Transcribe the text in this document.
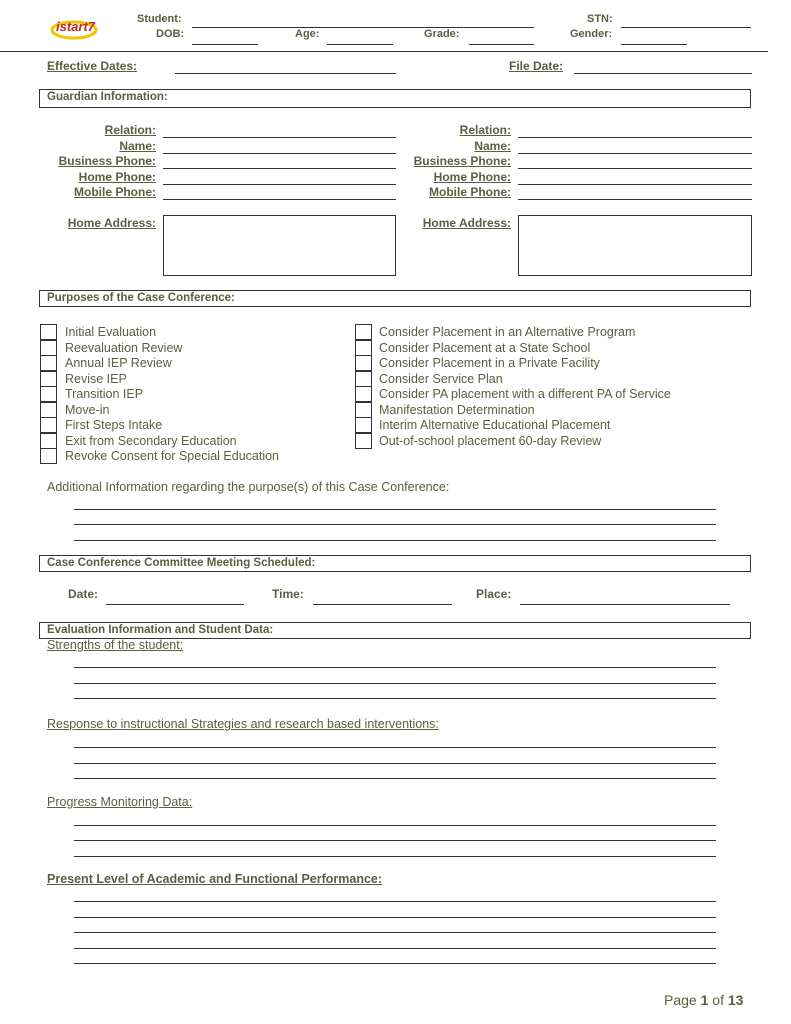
istart7	Student:	STN:
DOB:	Age:	Grade:	Gender:
Effective Dates:	File Date:
Guardian Information:
Relation:
Name:
Business Phone:
Home Phone:
Mobile Phone:
Home Address:
Relation:
Name:
Business Phone:
Home Phone:
Mobile Phone:
Home Address:
Purposes of the Case Conference:
Initial Evaluation
Reevaluation Review
Annual IEP Review
Revise IEP
Transition IEP
Move-in
First Steps Intake
Exit from Secondary Education
Revoke Consent for Special Education
Consider Placement in an Alternative Program
Consider Placement at a State School
Consider Placement in a Private Facility
Consider Service Plan
Consider PA placement with a different PA of Service
Manifestation Determination
Interim Alternative Educational Placement
Out-of-school placement 60-day Review
Additional Information regarding the purpose(s) of this Case Conference:
Case Conference Committee Meeting Scheduled:
Date:	Time:	Place:
Evaluation Information and Student Data:
Strengths of the student:
Response to instructional Strategies and research based interventions:
Progress Monitoring Data:
Present Level of Academic and Functional Performance:
Page 1 of 13
